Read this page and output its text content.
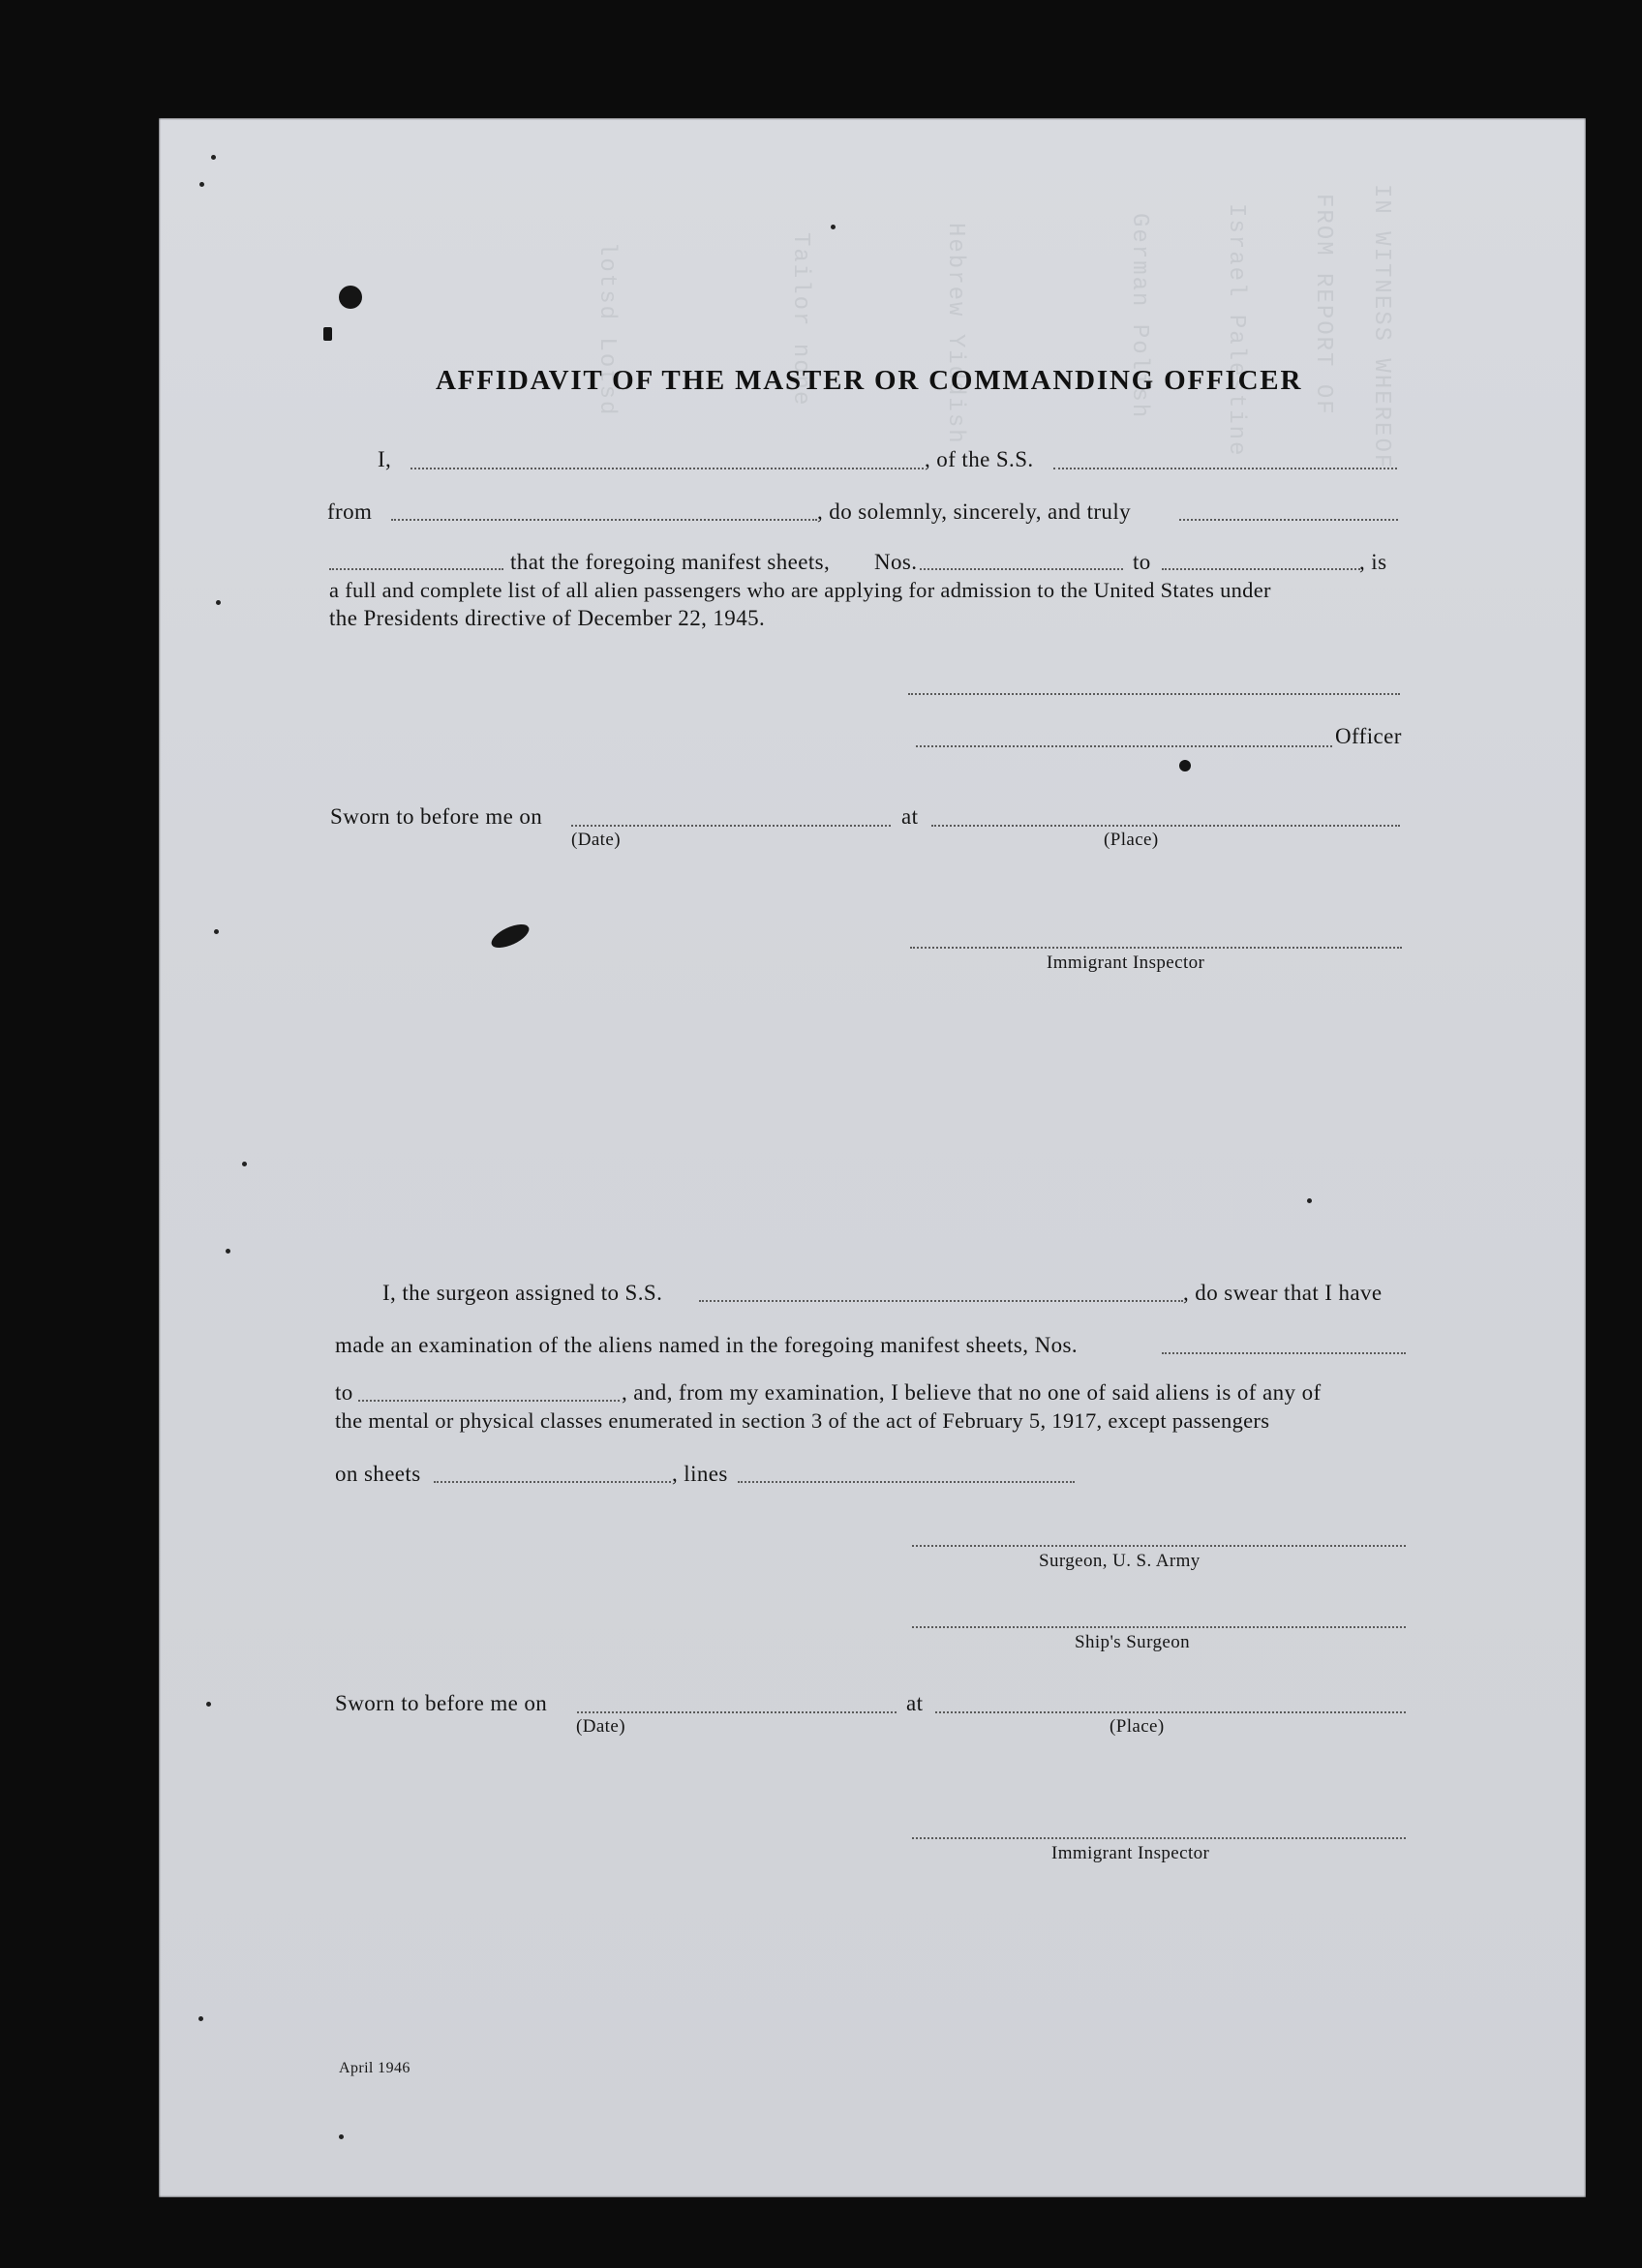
IN WITNESS WHEREOF
FROM REPORT OF
Israel Palestine
German Polish
Hebrew Yiddish
Tailor none
lotsd Lotsd
AFFIDAVIT OF THE MASTER OR COMMANDING OFFICER
I,	, of the S.S.
from	, do solemnly, sincerely, and truly
that the foregoing manifest sheets, Nos.	to	, is
a full and complete list of all alien passengers who are applying for admission to the United States under
the Presidents directive of December 22, 1945.
Officer
Sworn to before me on	at
(Date)	(Place)
Immigrant Inspector
I, the surgeon assigned to S.S.	, do swear that I have
made an examination of the aliens named in the foregoing manifest sheets, Nos.
to	, and, from my examination, I believe that no one of said aliens is of any of
the mental or physical classes enumerated in section 3 of the act of February 5, 1917, except passengers
on sheets	, lines
Surgeon, U. S. Army
Ship's Surgeon
Sworn to before me on	at
(Date)	(Place)
Immigrant Inspector
April 1946
